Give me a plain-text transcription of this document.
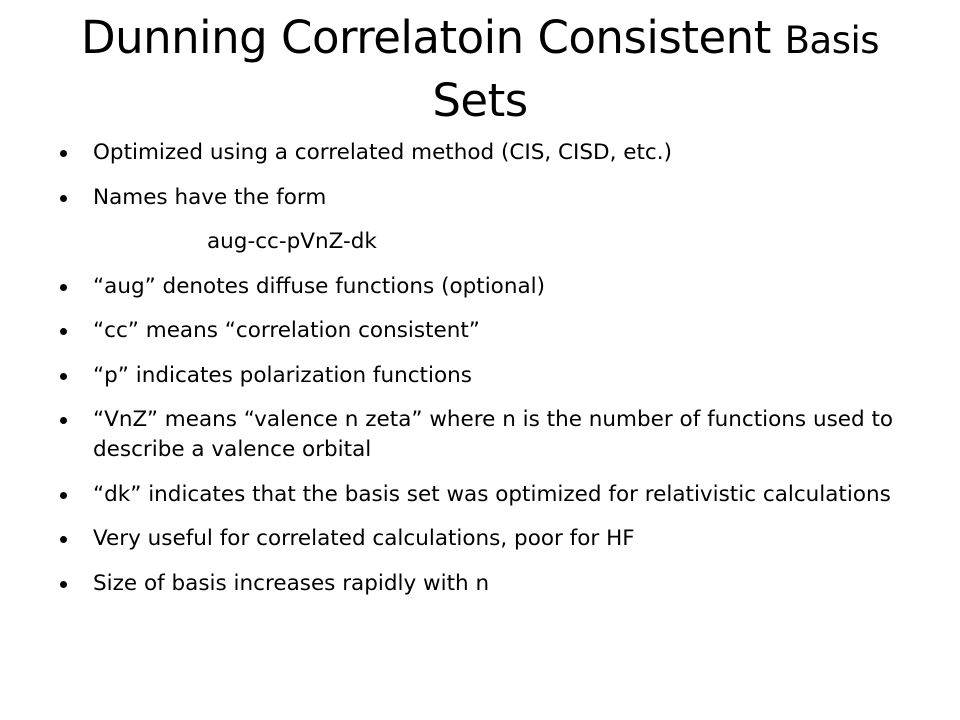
Dunning Correlatoin Consistent Basis
Sets
Optimized using a correlated method (CIS, CISD, etc.)
Names have the form
aug-cc-pVnZ-dk
“aug” denotes diffuse functions (optional)
“cc” means “correlation consistent”
“p” indicates polarization functions
“VnZ” means “valence n zeta” where n is the number of functions used to describe a valence orbital
“dk” indicates that the basis set was optimized for relativistic calculations
Very useful for correlated calculations, poor for HF
Size of basis increases rapidly with n
